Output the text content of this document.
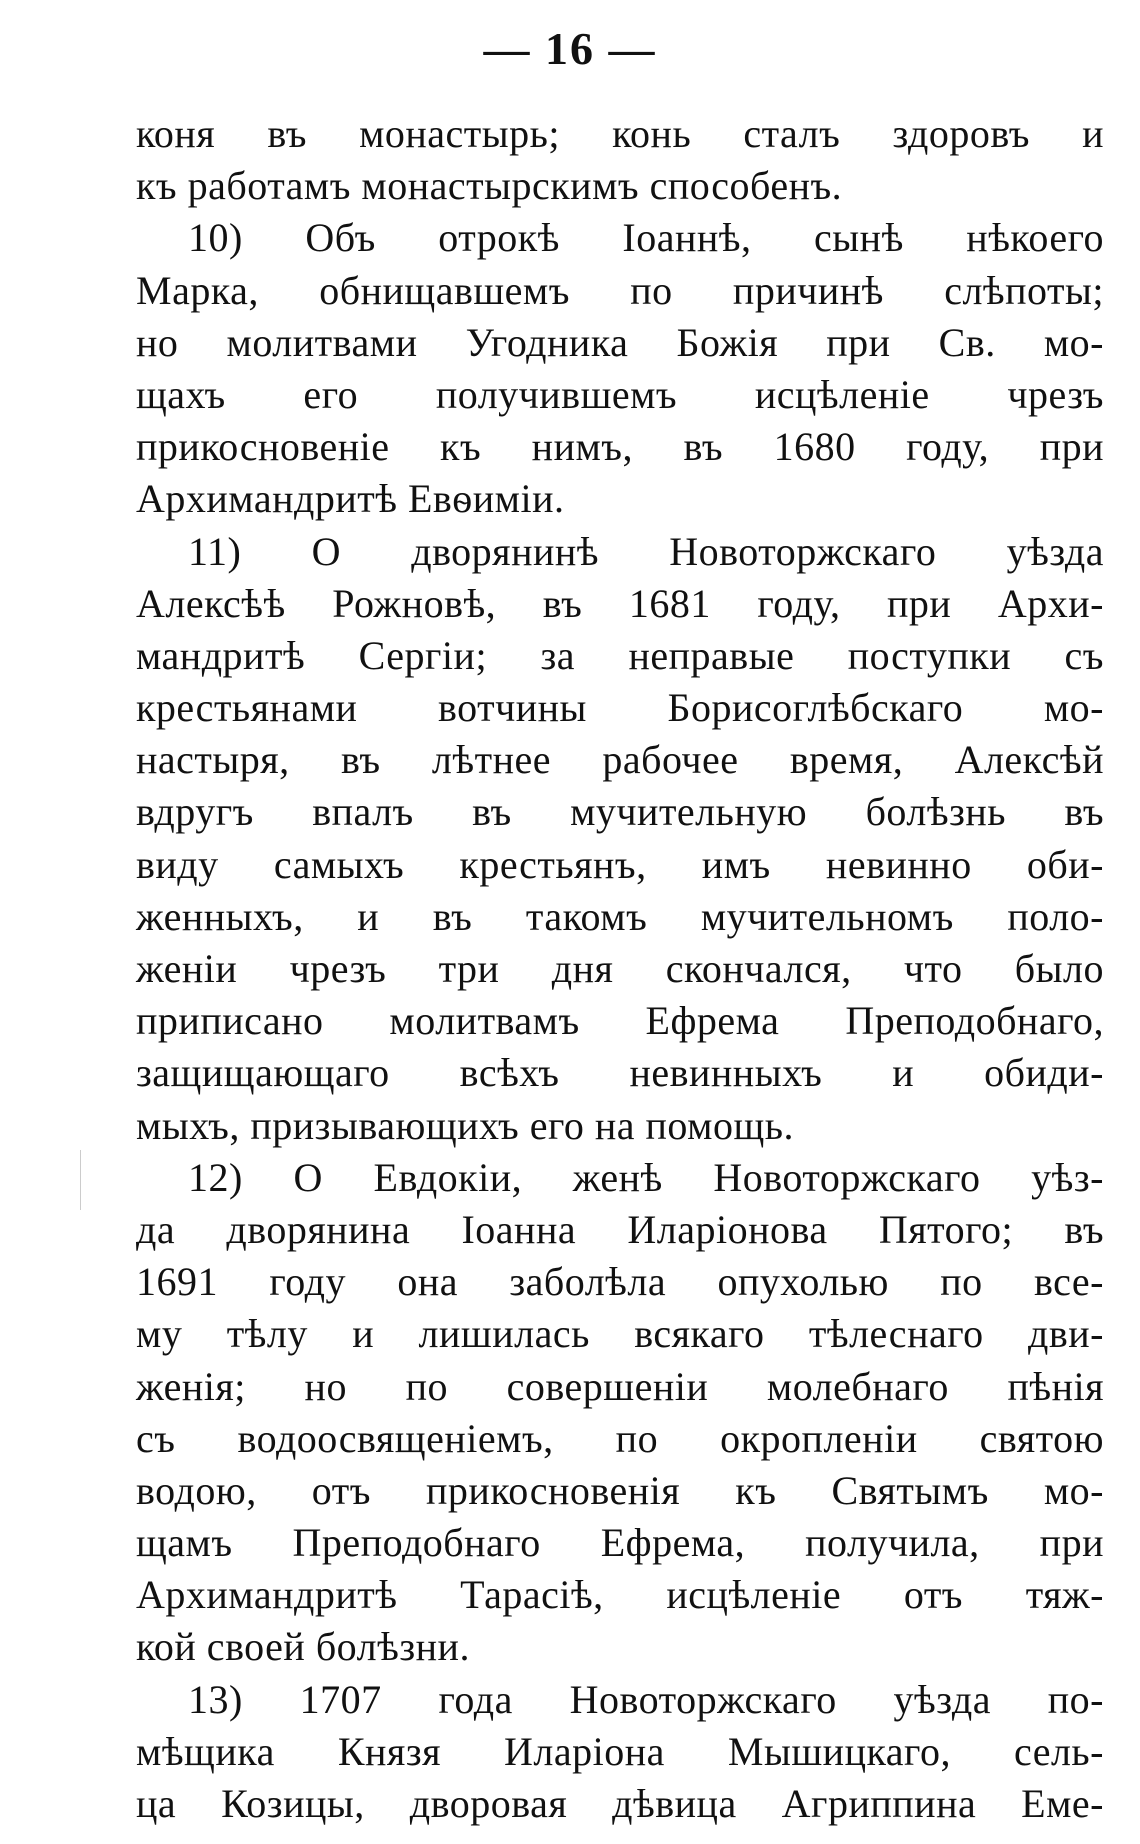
— 16 —
коня въ монастырь; конь сталъ здоровъ и
къ работамъ монастырскимъ способенъ.
10) Объ отрокѣ Іоаннѣ, сынѣ нѣкоего
Марка, обнищавшемъ по причинѣ слѣпоты;
но молитвами Угодника Божія при Св. мо-
щахъ его получившемъ исцѣленіе чрезъ
прикосновеніе къ нимъ, въ 1680 году, при
Архимандритѣ Евѳиміи.
11) О дворянинѣ Новоторжскаго уѣзда
Алексѣѣ Рожновѣ, въ 1681 году, при Архи-
мандритѣ Сергіи; за неправые поступки съ
крестьянами вотчины Борисоглѣбскаго мо-
настыря, въ лѣтнее рабочее время, Алексѣй
вдругъ впалъ въ мучительную болѣзнь въ
виду самыхъ крестьянъ, имъ невинно оби-
женныхъ, и въ такомъ мучительномъ поло-
женіи чрезъ три дня скончался, что было
приписано молитвамъ Ефрема Преподобнаго,
защищающаго всѣхъ невинныхъ и обиди-
мыхъ, призывающихъ его на помощь.
12) О Евдокіи, женѣ Новоторжскаго уѣз-
да дворянина Іоанна Иларіонова Пятого; въ
1691 году она заболѣла опухолью по все-
му тѣлу и лишилась всякаго тѣлеснаго дви-
женія; но по совершеніи молебнаго пѣнія
съ водоосвященіемъ, по окропленіи святою
водою, отъ прикосновенія къ Святымъ мо-
щамъ Преподобнаго Ефрема, получила, при
Архимандритѣ Тарасіѣ, исцѣленіе отъ тяж-
кой своей болѣзни.
13) 1707 года Новоторжскаго уѣзда по-
мѣщика Князя Иларіона Мышицкаго, сель-
ца Козицы, дворовая дѣвица Агриппина Еме-
